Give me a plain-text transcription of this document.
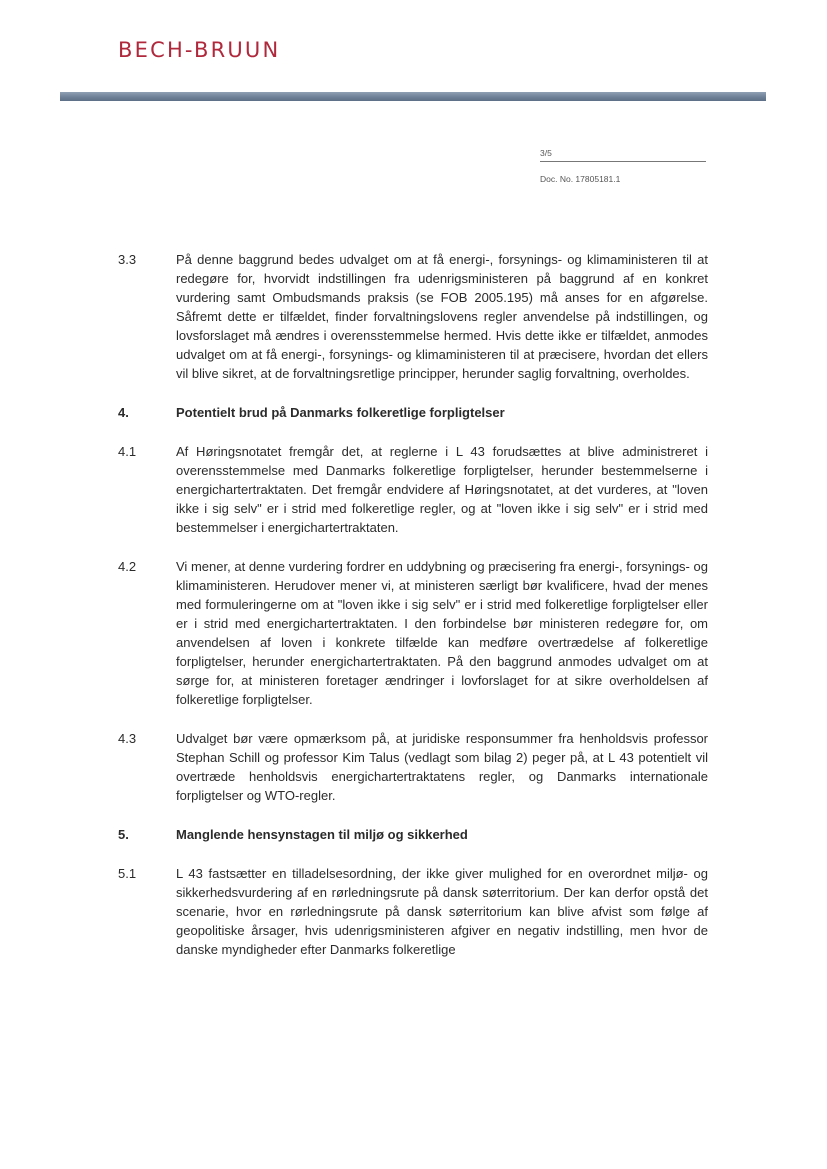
BECH-BRUUN
3/5
Doc. No. 17805181.1
3.3	På denne baggrund bedes udvalget om at få energi-, forsynings- og klimaministeren til at redegøre for, hvorvidt indstillingen fra udenrigsministeren på baggrund af en konkret vurdering samt Ombudsmands praksis (se FOB 2005.195) må anses for en afgørelse. Såfremt dette er tilfældet, finder forvaltningslovens regler anvendelse på indstillingen, og lovsforslaget må ændres i overensstemmelse hermed. Hvis dette ikke er tilfældet, anmodes udvalget om at få energi-, forsynings- og klimaministeren til at præcisere, hvordan det ellers vil blive sikret, at de forvaltningsretlige principper, herunder saglig forvaltning, overholdes.

4.	Potentielt brud på Danmarks folkeretlige forpligtelser
4.1	Af Høringsnotatet fremgår det, at reglerne i L 43 forudsættes at blive administreret i overensstemmelse med Danmarks folkeretlige forpligtelser, herunder bestemmelserne i energichartertraktaten. Det fremgår endvidere af Høringsnotatet, at det vurderes, at "loven ikke i sig selv" er i strid med folkeretlige regler, og at "loven ikke i sig selv" er i strid med bestemmelser i energichartertraktaten.

4.2	Vi mener, at denne vurdering fordrer en uddybning og præcisering fra energi-, forsynings- og klimaministeren. Herudover mener vi, at ministeren særligt bør kvalificere, hvad der menes med formuleringerne om at "loven ikke i sig selv" er i strid med folkeretlige forpligtelser eller er i strid med energichartertraktaten. I den forbindelse bør ministeren redegøre for, om anvendelsen af loven i konkrete tilfælde kan medføre overtrædelse af folkeretlige forpligtelser, herunder energichartertraktaten. På den baggrund anmodes udvalget om at sørge for, at ministeren foretager ændringer i lovforslaget for at sikre overholdelsen af folkeretlige forpligtelser.

4.3	Udvalget bør være opmærksom på, at juridiske responsummer fra henholdsvis professor Stephan Schill og professor Kim Talus (vedlagt som bilag 2) peger på, at L 43 potentielt vil overtræde henholdsvis energichartertraktatens regler, og Danmarks internationale forpligtelser og WTO-regler.

5.	Manglende hensynstagen til miljø og sikkerhed
5.1	L 43 fastsætter en tilladelsesordning, der ikke giver mulighed for en overordnet miljø- og sikkerhedsvurdering af en rørledningsrute på dansk søterritorium. Der kan derfor opstå det scenarie, hvor en rørledningsrute på dansk søterritorium kan blive afvist som følge af geopolitiske årsager, hvis udenrigsministeren afgiver en negativ indstilling, men hvor de danske myndigheder efter Danmarks folkeretlige
